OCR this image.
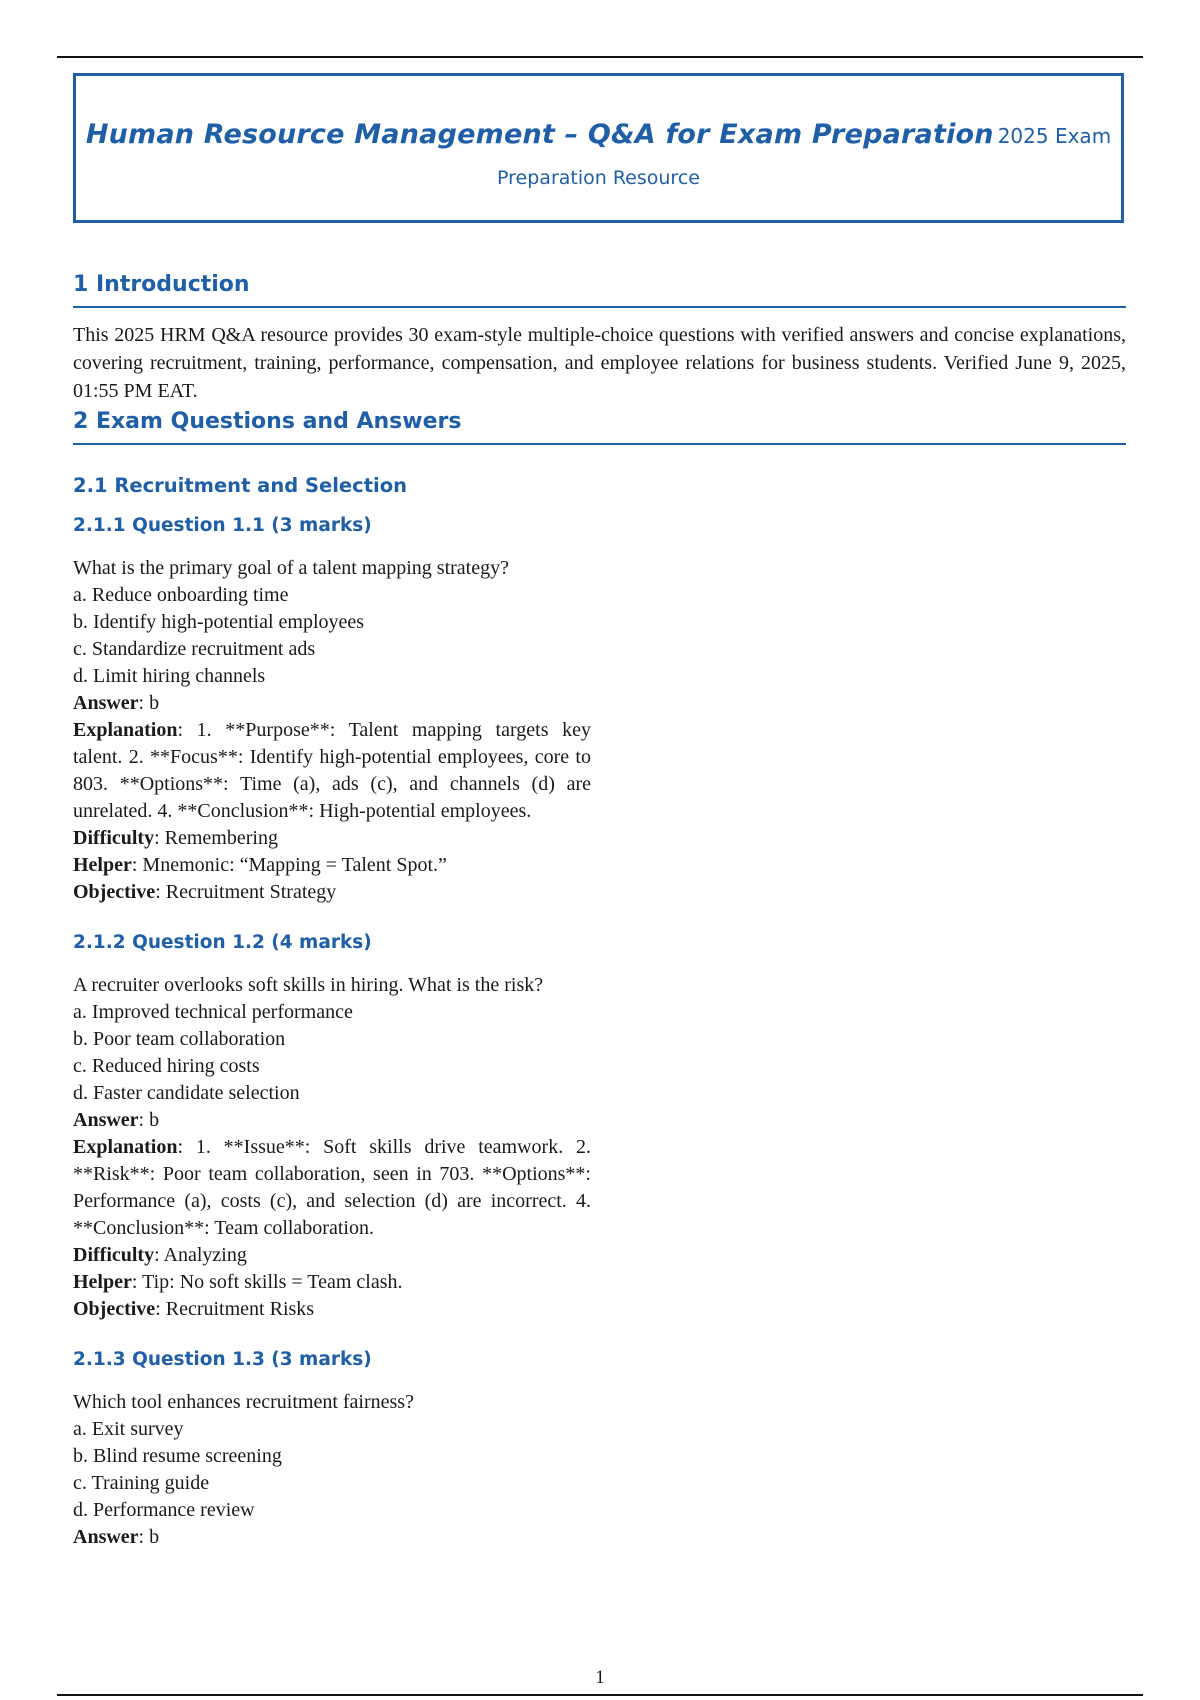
Human Resource Management – Q&A for Exam Preparation 2025 Exam
Preparation Resource
1 Introduction

This 2025 HRM Q&A resource provides 30 exam-style multiple-choice questions with verified answers and concise explanations, covering recruitment, training, performance, compensation, and employee relations for business students. Verified June 9, 2025, 01:55 PM EAT.

2 Exam Questions and Answers
2.1 Recruitment and Selection
2.1.1 Question 1.1 (3 marks)
What is the primary goal of a talent mapping strategy?
a. Reduce onboarding time
b. Identify high-potential employees
c. Standardize recruitment ads
d. Limit hiring channels
Answer: b
Explanation: 1. **Purpose**: Talent mapping targets key talent. 2. **Focus**: Identify high-potential employees, core to 803. **Options**: Time (a), ads (c), and channels (d) are unrelated. 4. **Conclusion**: High-potential employees.
Difficulty: Remembering
Helper: Mnemonic: “Mapping = Talent Spot.”
Objective: Recruitment Strategy
2.1.2 Question 1.2 (4 marks)
A recruiter overlooks soft skills in hiring. What is the risk?
a. Improved technical performance
b. Poor team collaboration
c. Reduced hiring costs
d. Faster candidate selection
Answer: b
Explanation: 1. **Issue**: Soft skills drive teamwork. 2. **Risk**: Poor team collaboration, seen in 703. **Options**: Performance (a), costs (c), and selection (d) are incorrect. 4. **Conclusion**: Team collaboration.
Difficulty: Analyzing
Helper: Tip: No soft skills = Team clash.
Objective: Recruitment Risks
2.1.3 Question 1.3 (3 marks)
Which tool enhances recruitment fairness?
a. Exit survey
b. Blind resume screening
c. Training guide
d. Performance review
Answer: b
1
